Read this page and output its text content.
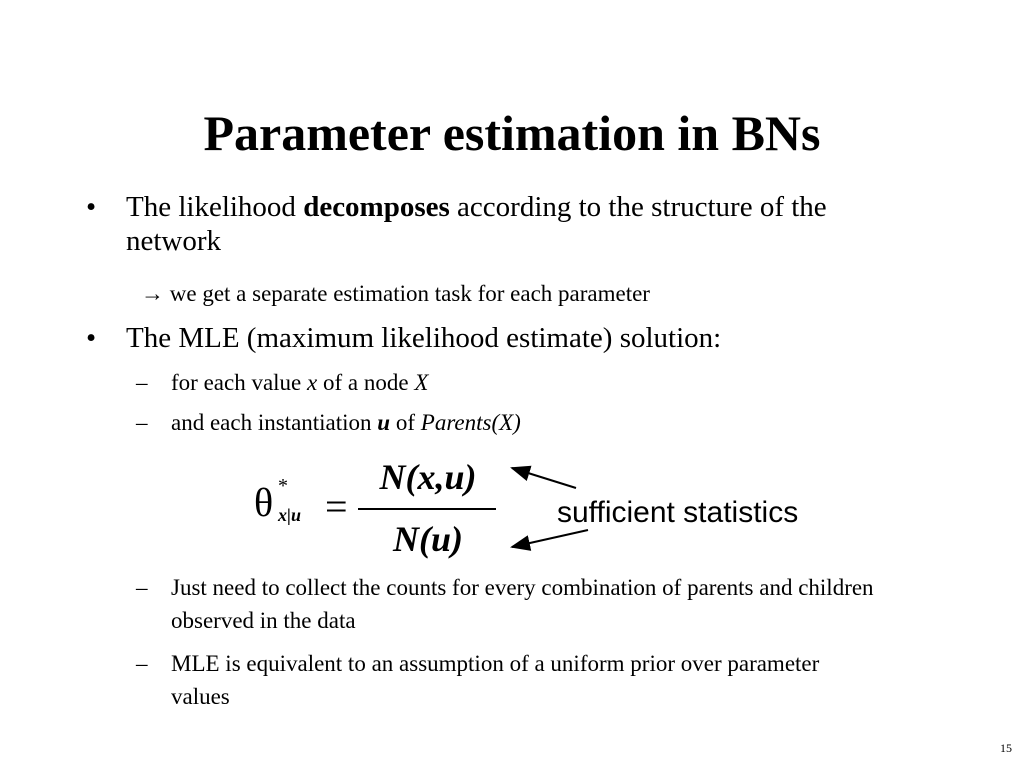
Parameter estimation in BNs
• The likelihood decomposes according to the structure of the network
→ we get a separate estimation task for each parameter
• The MLE (maximum likelihood estimate) solution:
– for each value x of a node X
– and each instantiation u of Parents(X)
θ *
x|u =
N(x,u)
N(u)
sufficient statistics
– Just need to collect the counts for every combination of parents and children observed in the data
– MLE is equivalent to an assumption of a uniform prior over parameter values
15
